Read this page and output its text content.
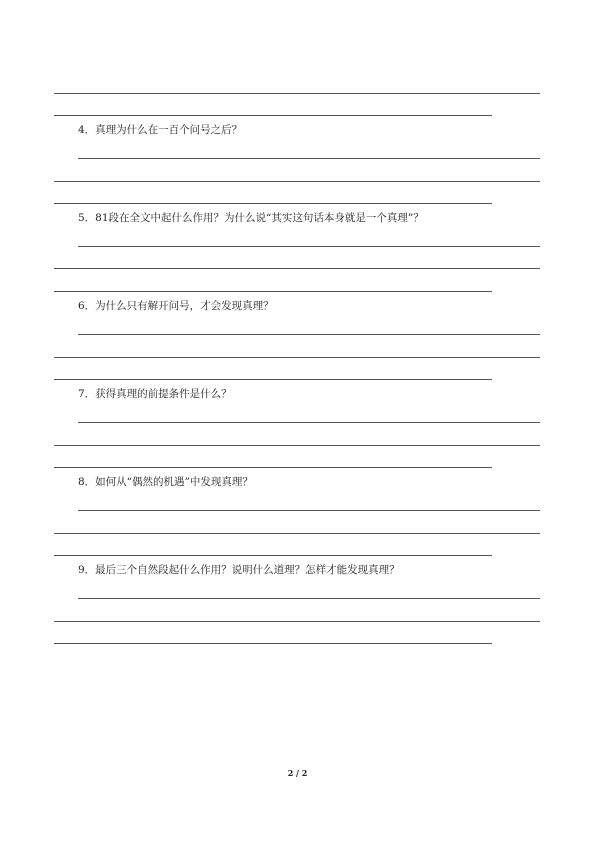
4．真理为什么在一百个问号之后？
5．81段在全文中起什么作用？为什么说“其实这句话本身就是一个真理”？
6．为什么只有解开问号，才会发现真理？
7．获得真理的前提条件是什么？
8．如何从“偶然的机遇”中发现真理？
9．最后三个自然段起什么作用？说明什么道理？怎样才能发现真理？
2 / 2
